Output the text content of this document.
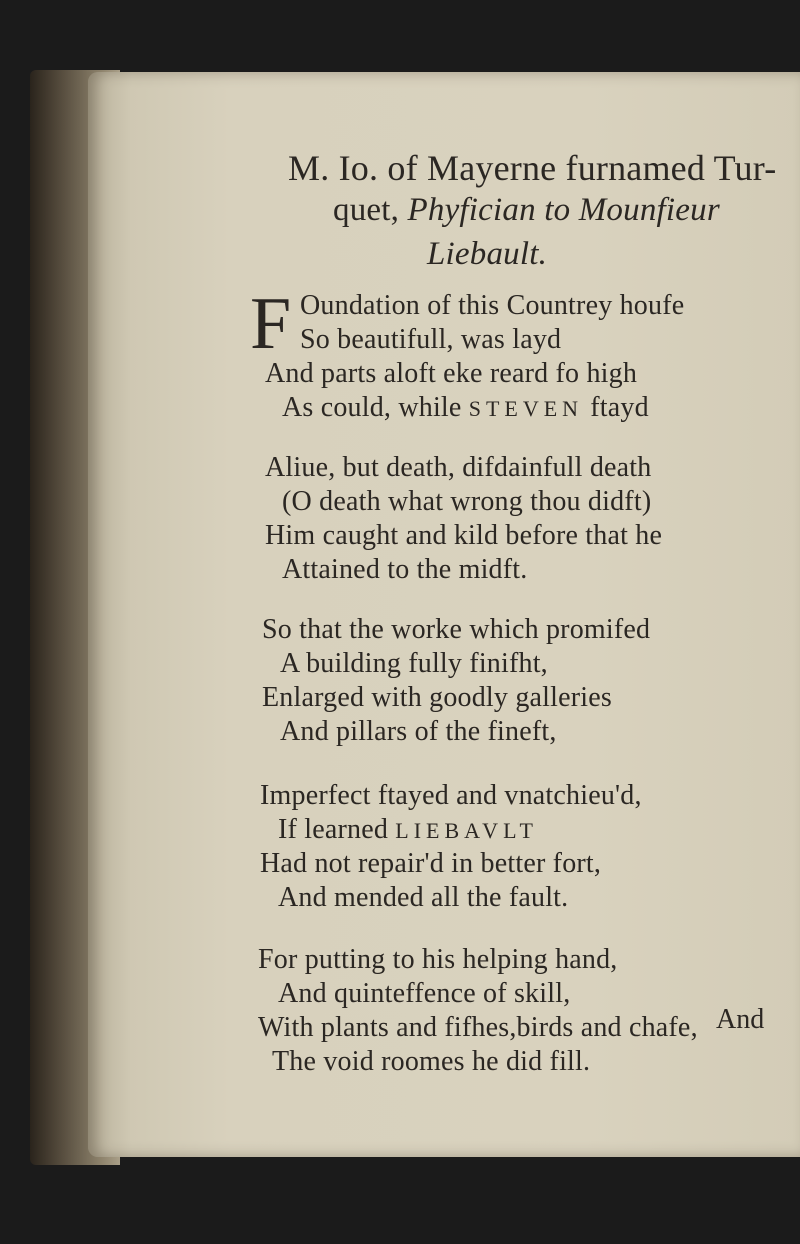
M. Io. of Mayerne furnamed Tur-
quet, Phyfician to Mounfieur
Liebault.
F Oundation of this Countrey houfe
So beautifull, was layd
And parts aloft eke reard fo high
As could, while STEVEN ftayd
Aliue, but death, difdainfull death
(O death what wrong thou didft)
Him caught and kild before that he
Attained to the midft.
So that the worke which promifed
A building fully finifht,
Enlarged with goodly galleries
And pillars of the fineft,
Imperfect ftayed and vnatchieu'd,
If learned LIEBAVLT
Had not repair'd in better fort,
And mended all the fault.
For putting to his helping hand,
And quinteffence of skill,
With plants and fifhes,birds and chafe,
The void roomes he did fill.
And
